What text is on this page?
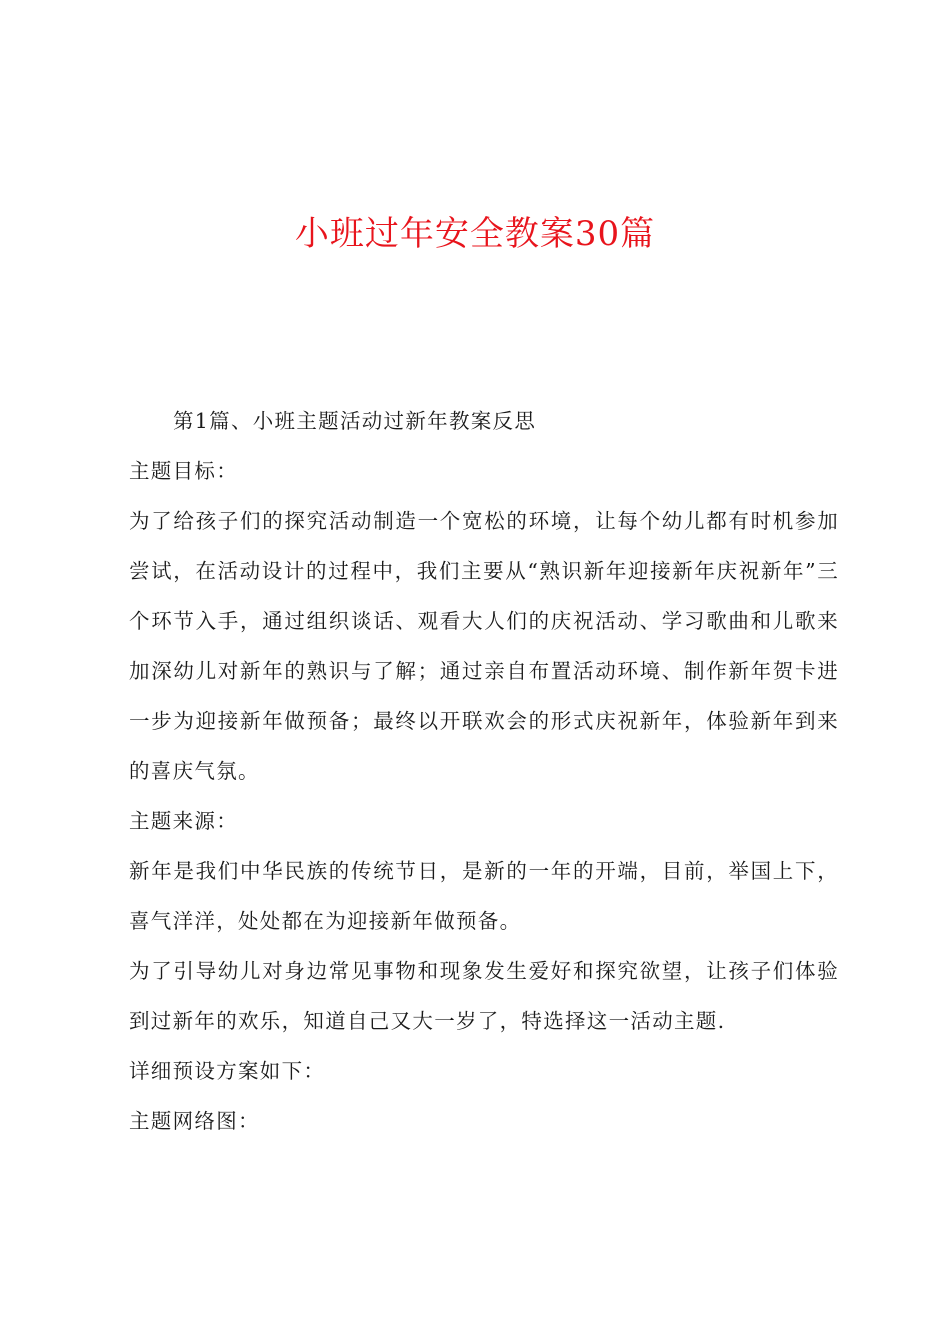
小班过年安全教案30篇

第1篇、小班主题活动过新年教案反思

主题目标：

为了给孩子们的探究活动制造一个宽松的环境，让每个幼儿都有时机参加尝试，在活动设计的过程中，我们主要从“熟识新年迎接新年庆祝新年”三个环节入手，通过组织谈话、观看大人们的庆祝活动、学习歌曲和儿歌来加深幼儿对新年的熟识与了解；通过亲自布置活动环境、制作新年贺卡进一步为迎接新年做预备；最终以开联欢会的形式庆祝新年，体验新年到来的喜庆气氛。

主题来源：

新年是我们中华民族的传统节日，是新的一年的开端，目前，举国上下，喜气洋洋，处处都在为迎接新年做预备。

为了引导幼儿对身边常见事物和现象发生爱好和探究欲望，让孩子们体验到过新年的欢乐，知道自己又大一岁了，特选择这一活动主题.

详细预设方案如下：

主题网络图：
